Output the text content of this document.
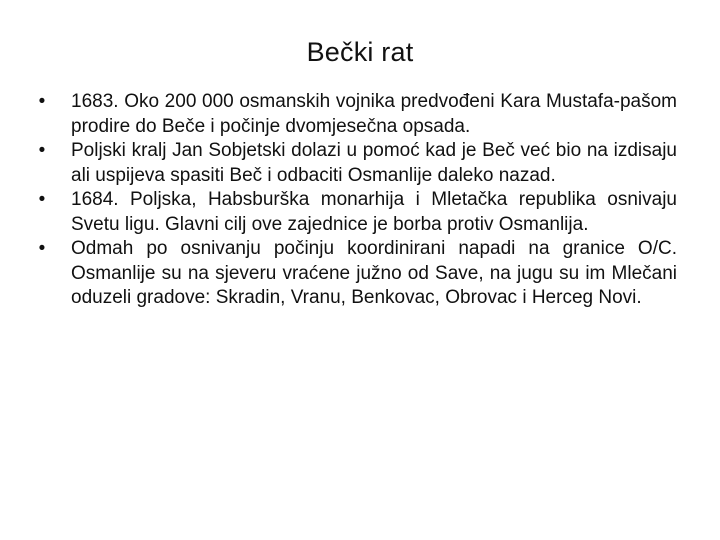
Bečki rat
• 1683. Oko 200 000 osmanskih vojnika predvođeni Kara Mustafa-pašom prodire do Beče i počinje dvomjesečna opsada.
• Poljski kralj Jan Sobjetski dolazi u pomoć kad je Beč već bio na izdisaju ali uspijeva spasiti Beč i odbaciti Osmanlije daleko nazad.
• 1684. Poljska, Habsburška monarhija i Mletačka republika osnivaju Svetu ligu. Glavni cilj ove zajednice je borba protiv Osmanlija.
• Odmah po osnivanju počinju koordinirani napadi na granice O/C. Osmanlije su na sjeveru vraćene južno od Save, na jugu su im Mlečani oduzeli gradove: Skradin, Vranu, Benkovac, Obrovac i Herceg Novi.
